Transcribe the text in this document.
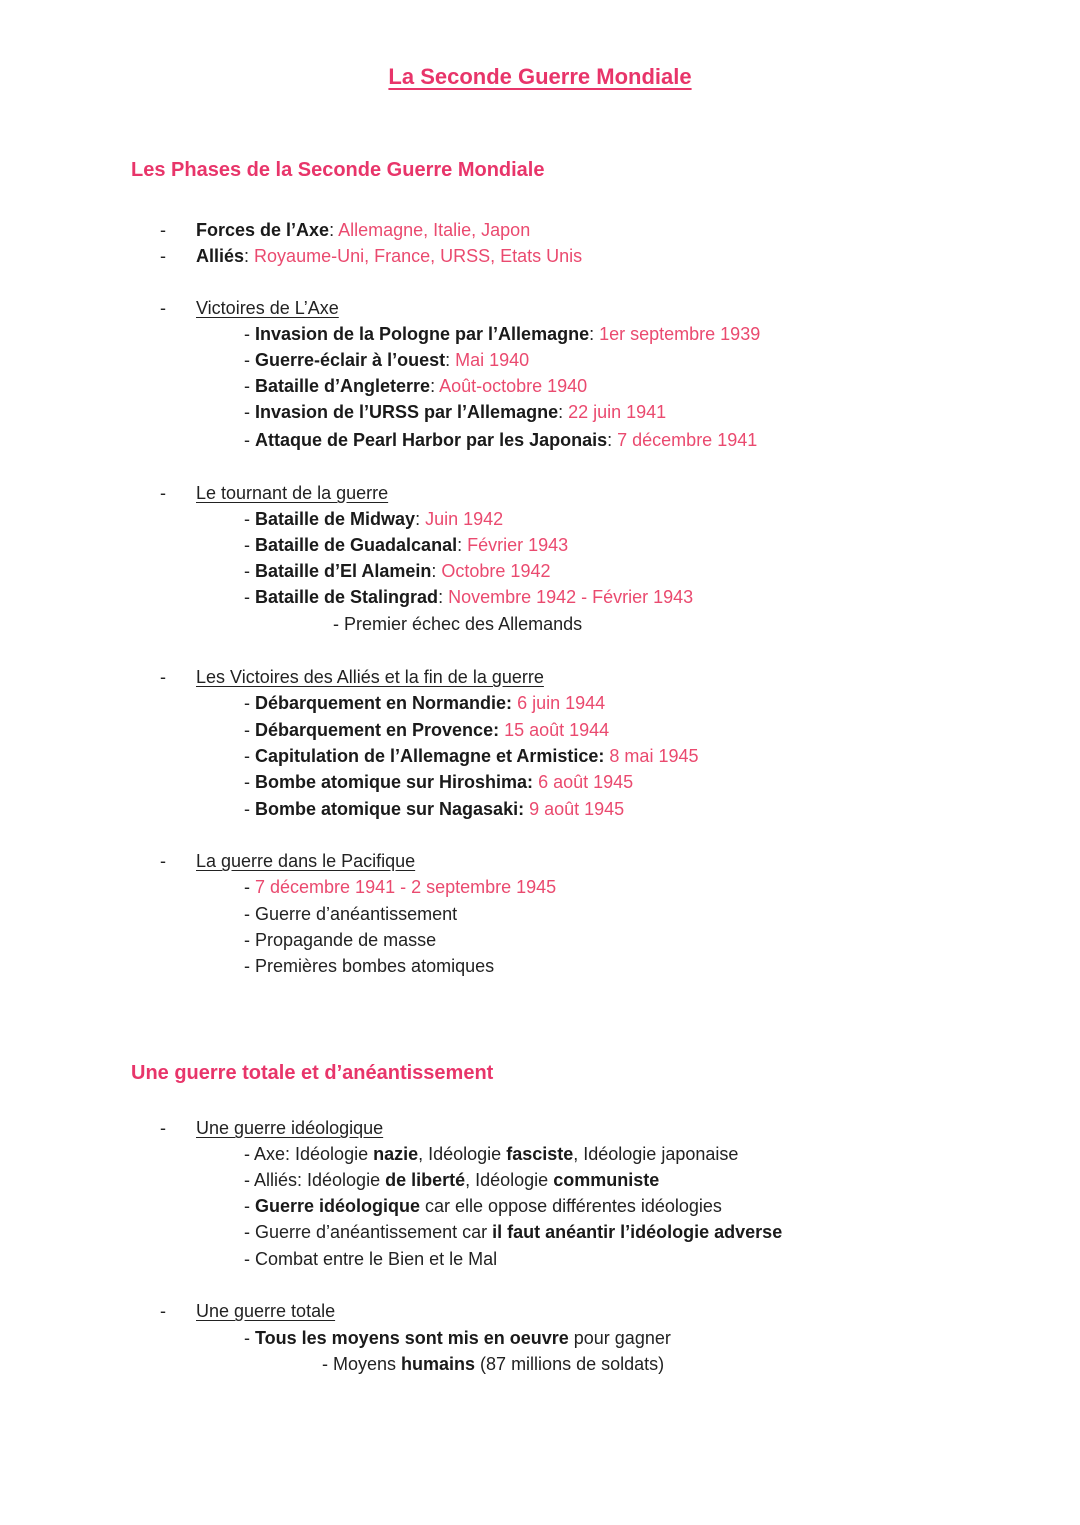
La Seconde Guerre Mondiale
Les Phases de la Seconde Guerre Mondiale
- Forces de l’Axe: Allemagne, Italie, Japon
- Alliés: Royaume-Uni, France, URSS, Etats Unis
- Victoires de L’Axe
- Invasion de la Pologne par l’Allemagne: 1er septembre 1939
- Guerre-éclair à l’ouest: Mai 1940
- Bataille d’Angleterre: Août-octobre 1940
- Invasion de l’URSS par l’Allemagne: 22 juin 1941
- Attaque de Pearl Harbor par les Japonais: 7 décembre 1941
- Le tournant de la guerre
- Bataille de Midway: Juin 1942
- Bataille de Guadalcanal: Février 1943
- Bataille d’El Alamein: Octobre 1942
- Bataille de Stalingrad: Novembre 1942 - Février 1943
- Premier échec des Allemands
- Les Victoires des Alliés et la fin de la guerre
- Débarquement en Normandie: 6 juin 1944
- Débarquement en Provence: 15 août 1944
- Capitulation de l’Allemagne et Armistice: 8 mai 1945
- Bombe atomique sur Hiroshima: 6 août 1945
- Bombe atomique sur Nagasaki: 9 août 1945
- La guerre dans le Pacifique
- 7 décembre 1941 - 2 septembre 1945
- Guerre d’anéantissement
- Propagande de masse
- Premières bombes atomiques
Une guerre totale et d’anéantissement
- Une guerre idéologique
- Axe: Idéologie nazie, Idéologie fasciste, Idéologie japonaise
- Alliés: Idéologie de liberté, Idéologie communiste
- Guerre idéologique car elle oppose différentes idéologies
- Guerre d’anéantissement car il faut anéantir l’idéologie adverse
- Combat entre le Bien et le Mal
- Une guerre totale
- Tous les moyens sont mis en oeuvre pour gagner
- Moyens humains (87 millions de soldats)
